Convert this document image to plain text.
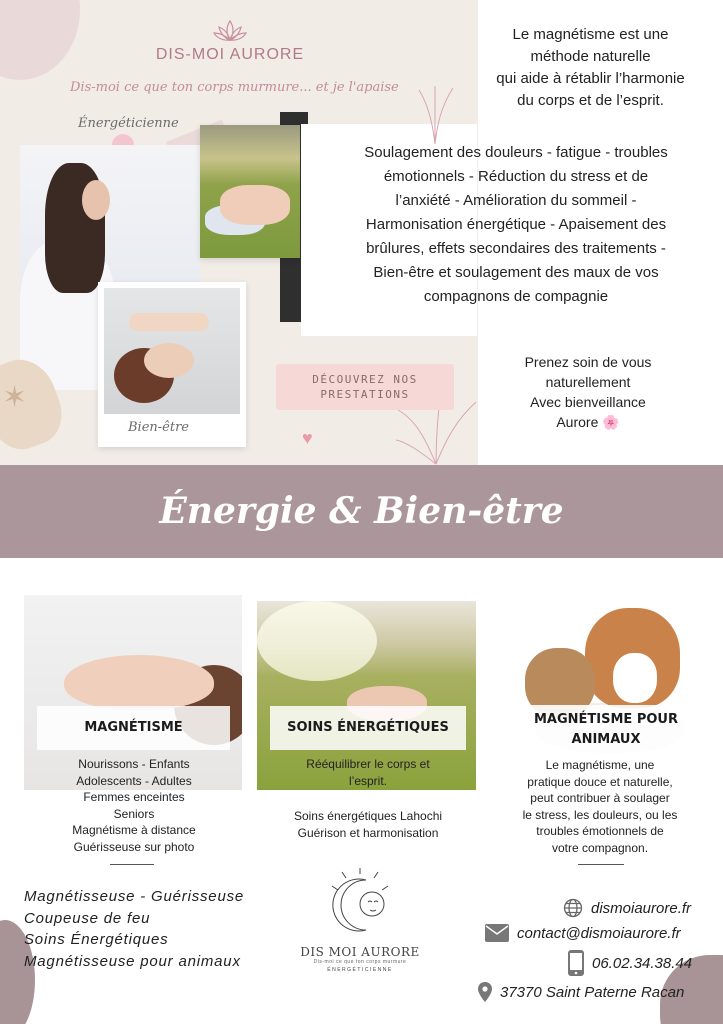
DIS-MOI AURORE
Dis-moi ce que ton corps murmure... et je l'apaise
Énergéticienne
Bien-être
✶
♥
DÉCOUVREZ NOS
PRESTATIONS
Soulagement des douleurs - fatigue - troubles
émotionnels - Réduction du stress et de
l’anxiété - Amélioration du sommeil -
Harmonisation énergétique - Apaisement des
brûlures, effets secondaires des traitements -
Bien-être et soulagement des maux de vos
compagnons de compagnie
Le magnétisme est une
méthode naturelle
qui aide à rétablir l’harmonie
du corps et de l’esprit.
Prenez soin de vous
naturellement
Avec bienveillance
Aurore 🌸
Énergie & Bien-être
MAGNÉTISME
Nourissons - Enfants
Adolescents - Adultes
Femmes enceintes
Seniors
Magnétisme à distance
Guérisseuse sur photo
SOINS ÉNERGÉTIQUES
Rééquilibrer le corps et
l’esprit.
Soins énergétiques Lahochi
Guérison et harmonisation
MAGNÉTISME POUR
ANIMAUX
Le magnétisme, une
pratique douce et naturelle,
peut contribuer à soulager
le stress, les douleurs, ou les
troubles émotionnels de
votre compagnon.
Magnétisseuse - Guérisseuse
Coupeuse de feu
Soins Énergétiques
Magnétisseuse pour animaux
DIS MOI AURORE
Dis-moi ce que ton corps murmure
ÉNERGÉTICIENNE
dismoiaurore.fr
contact@dismoiaurore.fr
06.02.34.38.44
37370 Saint Paterne Racan
